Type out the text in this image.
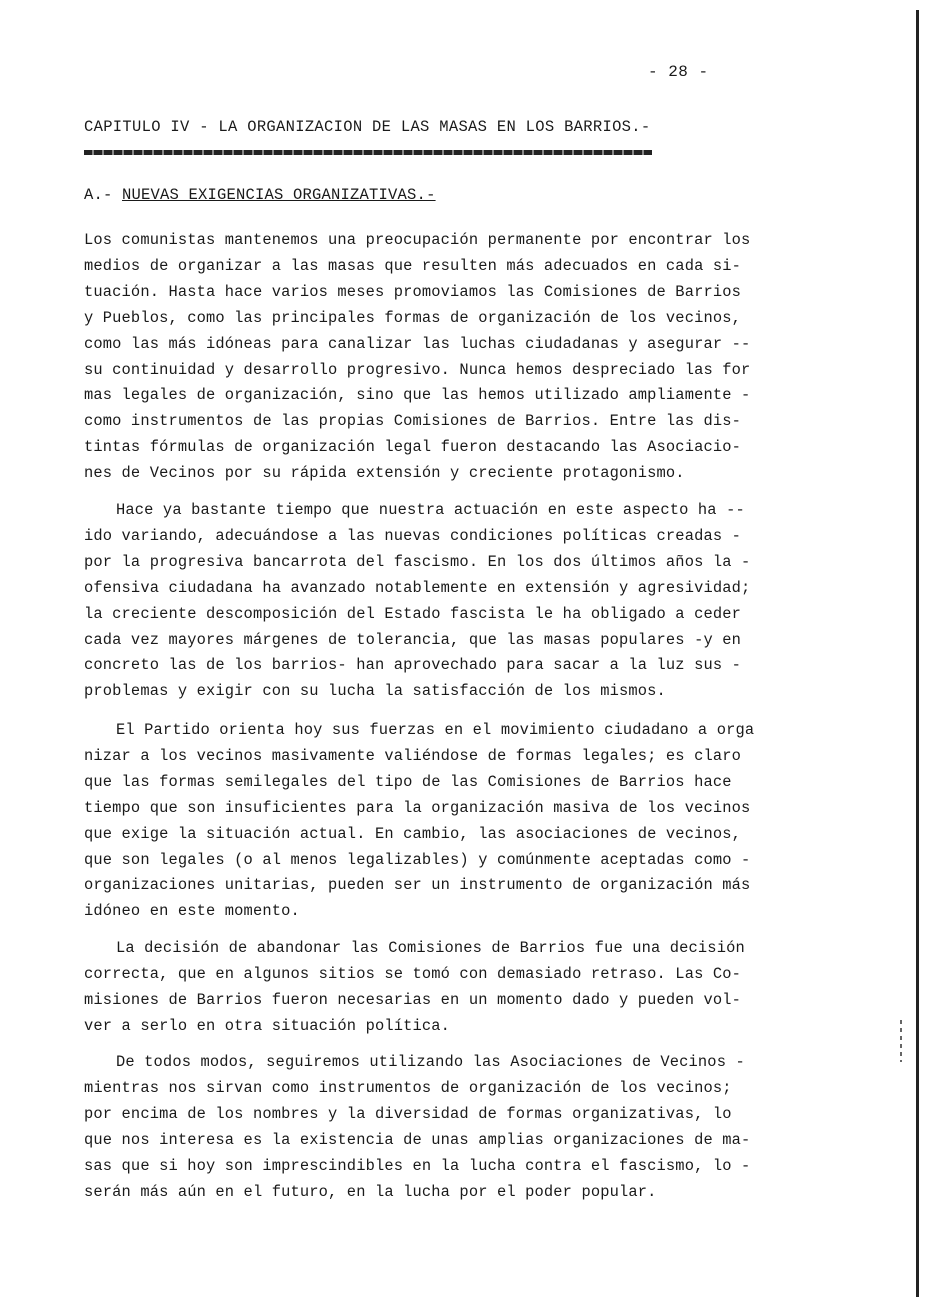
- 28 -
CAPITULO IV - LA ORGANIZACION DE LAS MASAS EN LOS BARRIOS.-
A.- NUEVAS EXIGENCIAS ORGANIZATIVAS.-
Los comunistas mantenemos una preocupación permanente por encontrar los
medios de organizar a las masas que resulten más adecuados en cada si-
tuación. Hasta hace varios meses promoviamos las Comisiones de Barrios
y Pueblos, como las principales formas de organización de los vecinos,
como las más idóneas para canalizar las luchas ciudadanas y asegurar --
su continuidad y desarrollo progresivo. Nunca hemos despreciado las for
mas legales de organización, sino que las hemos utilizado ampliamente -
como instrumentos de las propias Comisiones de Barrios. Entre las dis-
tintas fórmulas de organización legal fueron destacando las Asociacio-
nes de Vecinos por su rápida extensión y creciente protagonismo.
Hace ya bastante tiempo que nuestra actuación en este aspecto ha --
ido variando, adecuándose a las nuevas condiciones políticas creadas -
por la progresiva bancarrota del fascismo. En los dos últimos años la -
ofensiva ciudadana ha avanzado notablemente en extensión y agresividad;
la creciente descomposición del Estado fascista le ha obligado a ceder
cada vez mayores márgenes de tolerancia, que las masas populares -y en
concreto las de los barrios- han aprovechado para sacar a la luz sus -
problemas y exigir con su lucha la satisfacción de los mismos.
El Partido orienta hoy sus fuerzas en el movimiento ciudadano a orga
nizar a los vecinos masivamente valiéndose de formas legales; es claro
que las formas semilegales del tipo de las Comisiones de Barrios hace
tiempo que son insuficientes para la organización masiva de los vecinos
que exige la situación actual. En cambio, las asociaciones de vecinos,
que son legales (o al menos legalizables) y comúnmente aceptadas como -
organizaciones unitarias, pueden ser un instrumento de organización más
idóneo en este momento.
La decisión de abandonar las Comisiones de Barrios fue una decisión
correcta, que en algunos sitios se tomó con demasiado retraso. Las Co-
misiones de Barrios fueron necesarias en un momento dado y pueden vol-
ver a serlo en otra situación política.
De todos modos, seguiremos utilizando las Asociaciones de Vecinos -
mientras nos sirvan como instrumentos de organización de los vecinos;
por encima de los nombres y la diversidad de formas organizativas, lo
que nos interesa es la existencia de unas amplias organizaciones de ma-
sas que si hoy son imprescindibles en la lucha contra el fascismo, lo -
serán más aún en el futuro, en la lucha por el poder popular.
